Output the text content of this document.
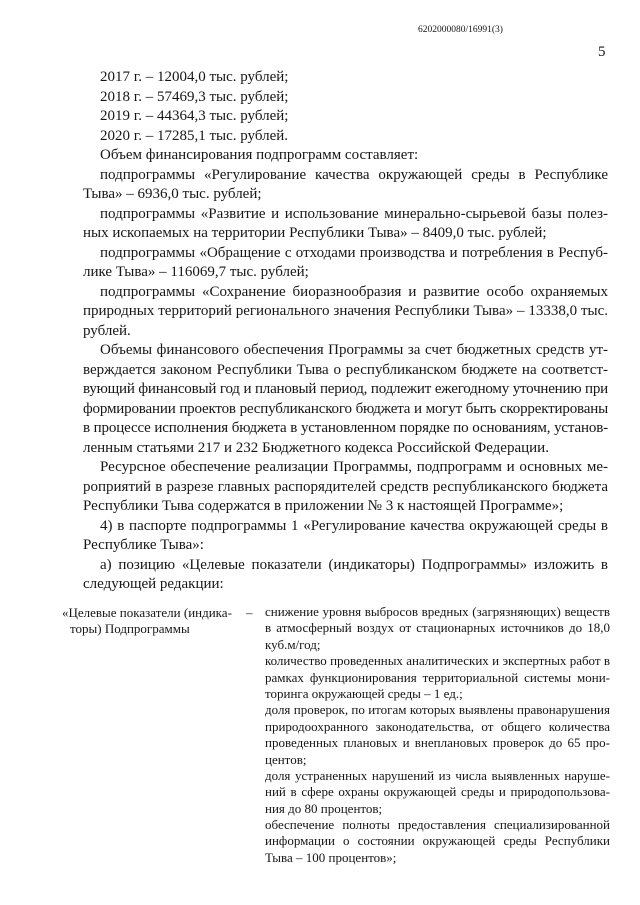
6202000080/16991(3)
5
2017 г. – 12004,0 тыс. рублей;
2018 г. – 57469,3 тыс. рублей;
2019 г. – 44364,3 тыс. рублей;
2020 г. – 17285,1 тыс. рублей.
Объем финансирования подпрограмм составляет:
подпрограммы «Регулирование качества окружающей среды в Республике
Тыва» – 6936,0 тыс. рублей;
подпрограммы «Развитие и использование минерально-сырьевой базы полез-
ных ископаемых на территории Республики Тыва» – 8409,0 тыс. рублей;
подпрограммы «Обращение с отходами производства и потребления в Респуб-
лике Тыва» – 116069,7 тыс. рублей;
подпрограммы «Сохранение биоразнообразия и развитие особо охраняемых
природных территорий регионального значения Республики Тыва» – 13338,0 тыс.
рублей.
Объемы финансового обеспечения Программы за счет бюджетных средств ут-
верждается законом Республики Тыва о республиканском бюджете на соответст-
вующий финансовый год и плановый период, подлежит ежегодному уточнению при
формировании проектов республиканского бюджета и могут быть скорректированы
в процессе исполнения бюджета в установленном порядке по основаниям, установ-
ленным статьями 217 и 232 Бюджетного кодекса Российской Федерации.
Ресурсное обеспечение реализации Программы, подпрограмм и основных ме-
роприятий в разрезе главных распорядителей средств республиканского бюджета
Республики Тыва содержатся в приложении № 3 к настоящей Программе»;
4) в паспорте подпрограммы 1 «Регулирование качества окружающей среды в
Республике Тыва»:
а) позицию «Целевые показатели (индикаторы) Подпрограммы» изложить в
следующей редакции:
«Целевые показатели (индика-
торы) Подпрограммы
– снижение уровня выбросов вредных (загрязняющих) веществ
в атмосферный воздух от стационарных источников до 18,0
куб.м/год;
количество проведенных аналитических и экспертных работ в
рамках функционирования территориальной системы мони-
торинга окружающей среды – 1 ед.;
доля проверок, по итогам которых выявлены правонарушения
природоохранного законодательства, от общего количества
проведенных плановых и внеплановых проверок до 65 про-
центов;
доля устраненных нарушений из числа выявленных наруше-
ний в сфере охраны окружающей среды и природопользова-
ния до 80 процентов;
обеспечение полноты предоставления специализированной
информации о состоянии окружающей среды Республики
Тыва – 100 процентов»;
